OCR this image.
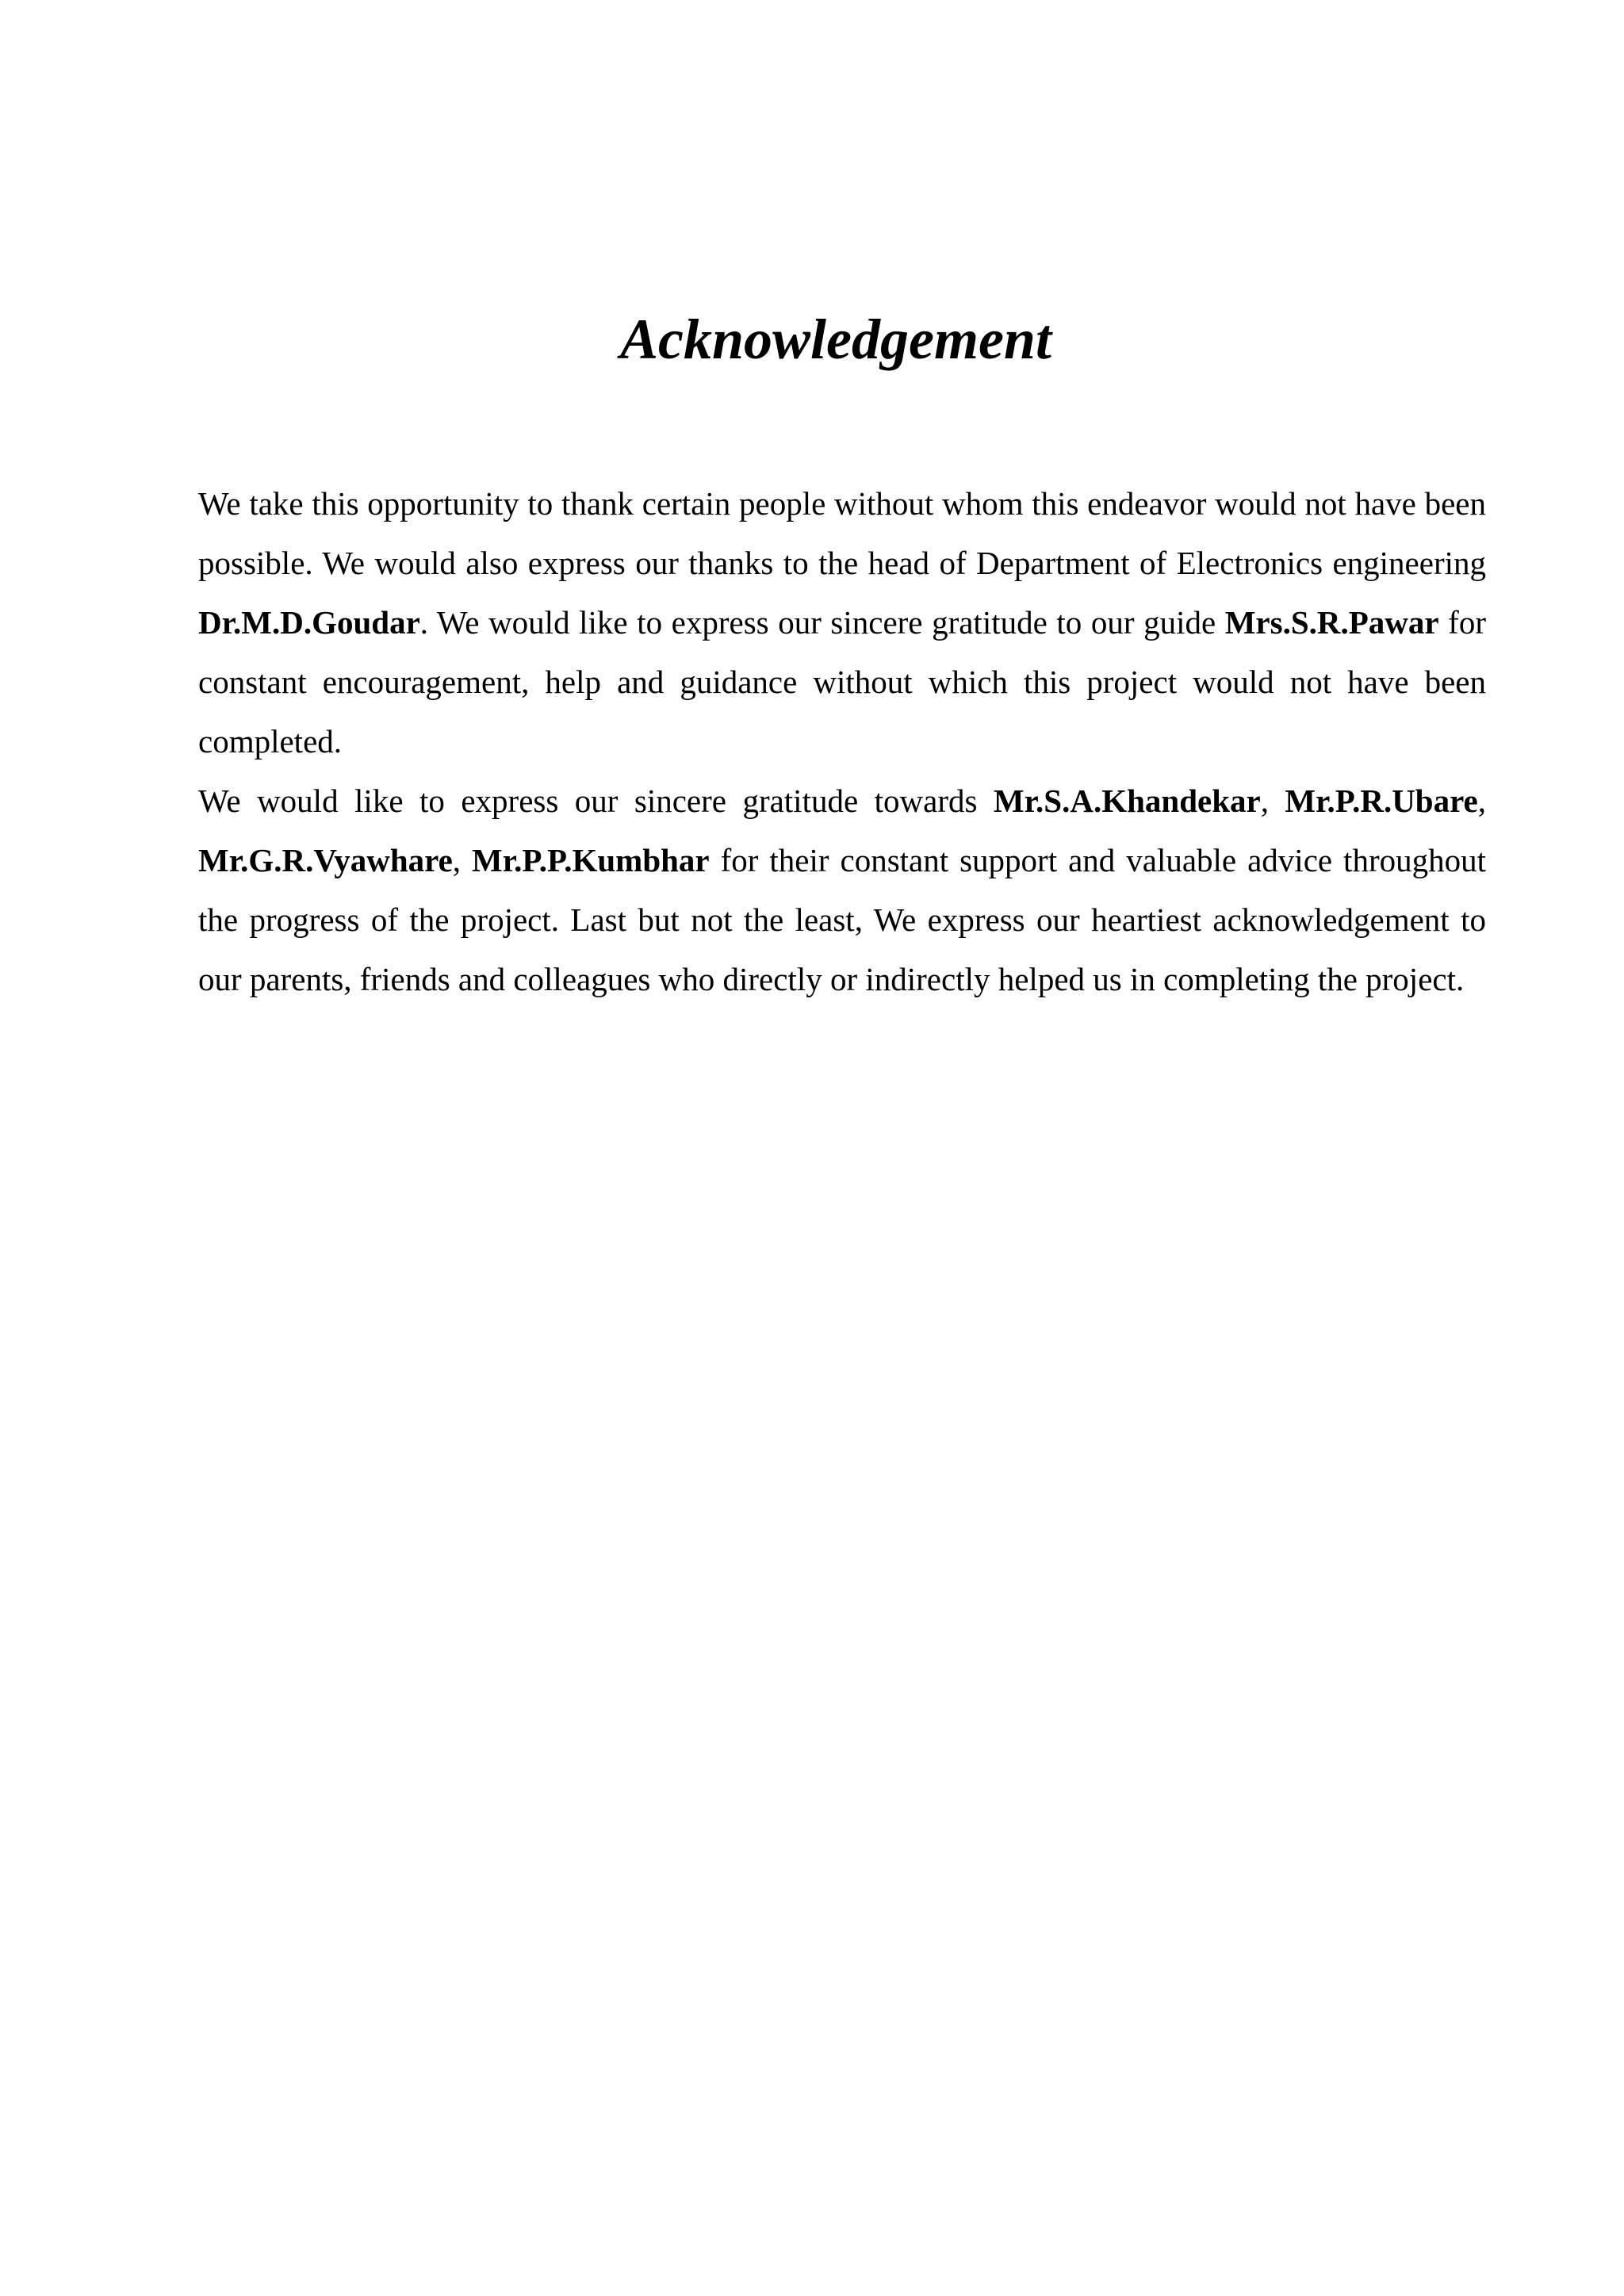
Acknowledgement

We take this opportunity to thank certain people without whom this endeavor would not have been possible. We would also express our thanks to the head of Department of Electronics engineering Dr.M.D.Goudar. We would like to express our sincere gratitude to our guide Mrs.S.R.Pawar for constant encouragement, help and guidance without which this project would not have been completed.

We would like to express our sincere gratitude towards Mr.S.A.Khandekar, Mr.P.R.Ubare, Mr.G.R.Vyawhare, Mr.P.P.Kumbhar for their constant support and valuable advice throughout the progress of the project. Last but not the least, We express our heartiest acknowledgement to our parents, friends and colleagues who directly or indirectly helped us in completing the project.
